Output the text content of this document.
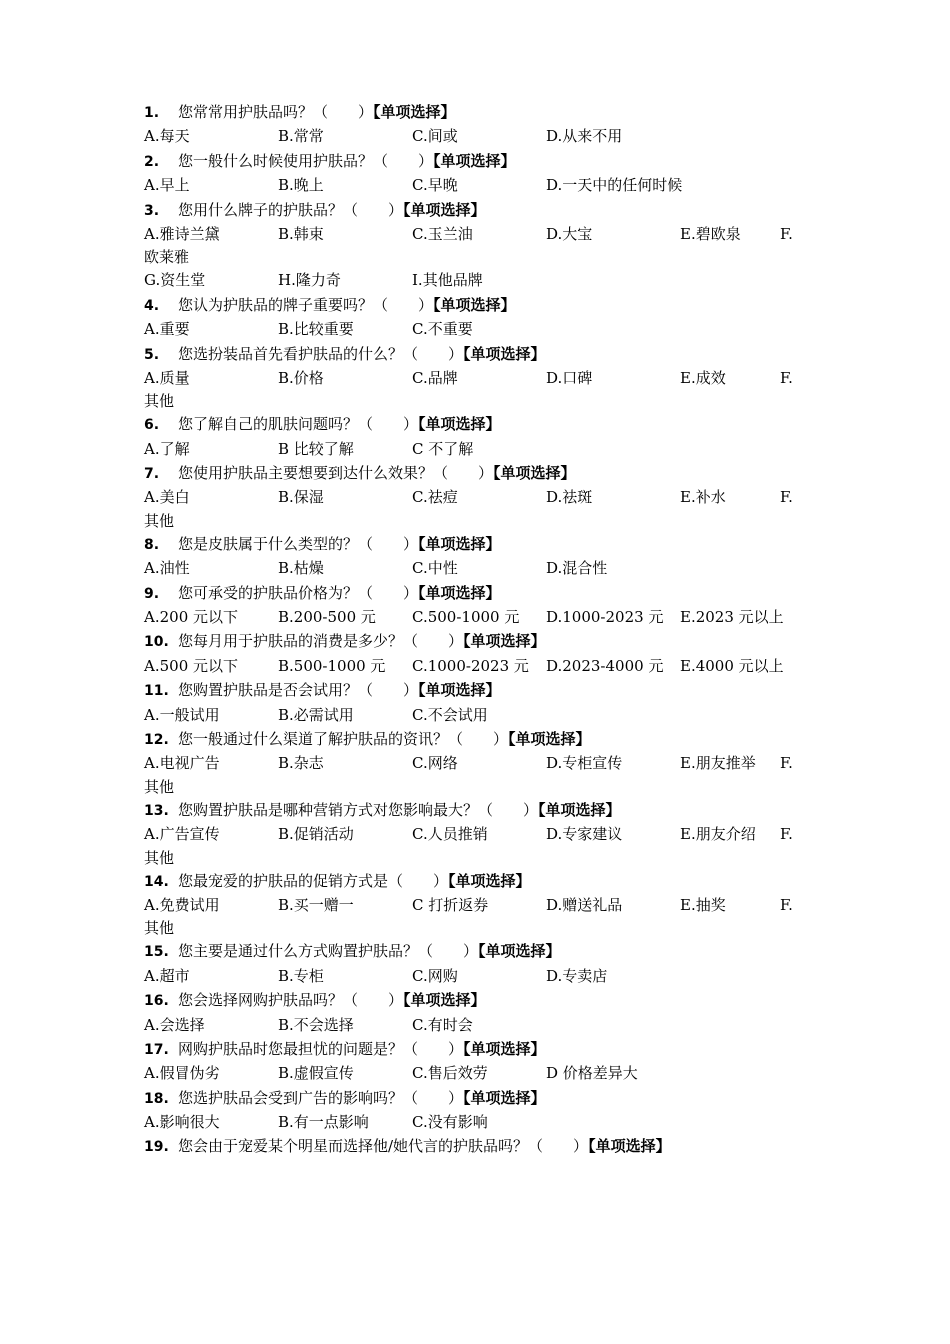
1. 您常常用护肤品吗？（　　）【单项选择】
A.每天	B.常常	C.间或	D.从来不用
2. 您一般什么时候使用护肤品？（　　）【单项选择】
A.早上	B.晚上	C.早晚	D.一天中的任何时候
3. 您用什么牌子的护肤品？（　　）【单项选择】
A.雅诗兰黛	B.韩束	C.玉兰油	D.大宝	E.碧欧泉	F.
欧莱雅
G.资生堂	H.隆力奇	I.其他品牌
4. 您认为护肤品的牌子重要吗？（　　）【单项选择】
A.重要	B.比较重要	C.不重要
5. 您选扮装品首先看护肤品的什么？（　　）【单项选择】
A.质量	B.价格	C.品牌	D.口碑	E.成效	F.
其他
6. 您了解自己的肌肤问题吗？（　　）【单项选择】
A.了解	B 比较了解	C 不了解
7. 您使用护肤品主要想要到达什么效果？（　　）【单项选择】
A.美白	B.保湿	C.祛痘	D.祛斑	E.补水	F.
其他
8. 您是皮肤属于什么类型的？（　　）【单项选择】
A.油性	B.枯燥	C.中性	D.混合性
9. 您可承受的护肤品价格为？（　　）【单项选择】
A.200 元以下	B.200-500 元 C.500-1000 元 D.1000-2023 元 E.2023 元以上
10. 您每月用于护肤品的消费是多少？（　　）【单项选择】
A.500 元以下	B.500-1000 元 C.1000-2023 元 D.2023-4000 元 E.4000 元以上
11. 您购置护肤品是否会试用？（　　）【单项选择】
A.一般试用	B.必需试用	C.不会试用
12. 您一般通过什么渠道了解护肤品的资讯？（　　）【单项选择】
A.电视广告	B.杂志	C.网络	D.专柜宣传	E.朋友推举 F.
其他
13. 您购置护肤品是哪种营销方式对您影响最大？（　　）【单项选择】
A.广告宣传	B.促销活动	C.人员推销	D.专家建议	E.朋友介绍 F.
其他
14. 您最宠爱的护肤品的促销方式是（　　）【单项选择】
A.免费试用	B.买一赠一	C 打折返券	D.赠送礼品	E.抽奖	F.
其他
15. 您主要是通过什么方式购置护肤品？（　　）【单项选择】
A.超市	B.专柜	C.网购	D.专卖店
16. 您会选择网购护肤品吗？（　　）【单项选择】
A.会选择	B.不会选择	C.有时会
17. 网购护肤品时您最担忧的问题是？（　　）【单项选择】
A.假冒伪劣	B.虚假宣传	C.售后效劳	D 价格差异大
18. 您选护肤品会受到广告的影响吗？（　　）【单项选择】
A.影响很大	B.有一点影响	C.没有影响
19. 您会由于宠爱某个明星而选择他/她代言的护肤品吗？（　　）【单项选择】
